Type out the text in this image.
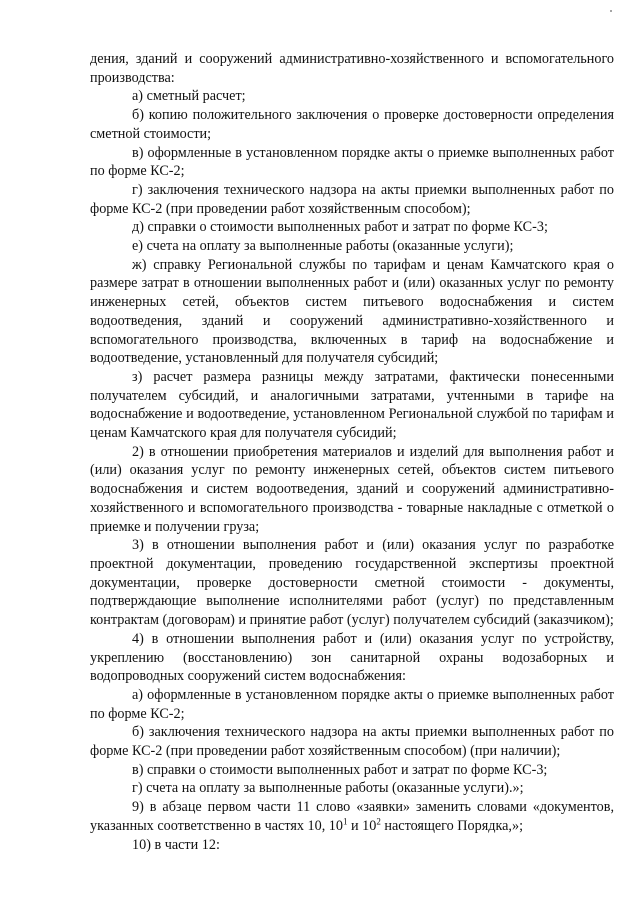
дения, зданий и сооружений административно-хозяйственного и вспомогательного производства:

а) сметный расчет;

б) копию положительного заключения о проверке достоверности определения сметной стоимости;

в) оформленные в установленном порядке акты о приемке выполненных работ по форме КС-2;

г) заключения технического надзора на акты приемки выполненных работ по форме КС-2 (при проведении работ хозяйственным способом);

д) справки о стоимости выполненных работ и затрат по форме КС-3;

е) счета на оплату за выполненные работы (оказанные услуги);

ж) справку Региональной службы по тарифам и ценам Камчатского края о размере затрат в отношении выполненных работ и (или) оказанных услуг по ремонту инженерных сетей, объектов систем питьевого водоснабжения и систем водоотведения, зданий и сооружений административно-хозяйственного и вспомогательного производства, включенных в тариф на водоснабжение и водоотведение, установленный для получателя субсидий;

з) расчет размера разницы между затратами, фактически понесенными получателем субсидий, и аналогичными затратами, учтенными в тарифе на водоснабжение и водоотведение, установленном Региональной службой по тарифам и ценам Камчатского края для получателя субсидий;

2) в отношении приобретения материалов и изделий для выполнения работ и (или) оказания услуг по ремонту инженерных сетей, объектов систем питьевого водоснабжения и систем водоотведения, зданий и сооружений административно-хозяйственного и вспомогательного производства - товарные накладные с отметкой о приемке и получении груза;

3) в отношении выполнения работ и (или) оказания услуг по разработке проектной документации, проведению государственной экспертизы проектной документации, проверке достоверности сметной стоимости - документы, подтверждающие выполнение исполнителями работ (услуг) по представленным контрактам (договорам) и принятие работ (услуг) получателем субсидий (заказчиком);

4) в отношении выполнения работ и (или) оказания услуг по устройству, укреплению (восстановлению) зон санитарной охраны водозаборных и водопроводных сооружений систем водоснабжения:

а) оформленные в установленном порядке акты о приемке выполненных работ по форме КС-2;

б) заключения технического надзора на акты приемки выполненных работ по форме КС-2 (при проведении работ хозяйственным способом) (при наличии);

в) справки о стоимости выполненных работ и затрат по форме КС-3;

г) счета на оплату за выполненные работы (оказанные услуги).»;

9) в абзаце первом части 11 слово «заявки» заменить словами «документов, указанных соответственно в частях 10, $10^1$ и $10^2$ настоящего Порядка,»;

10) в части 12:
